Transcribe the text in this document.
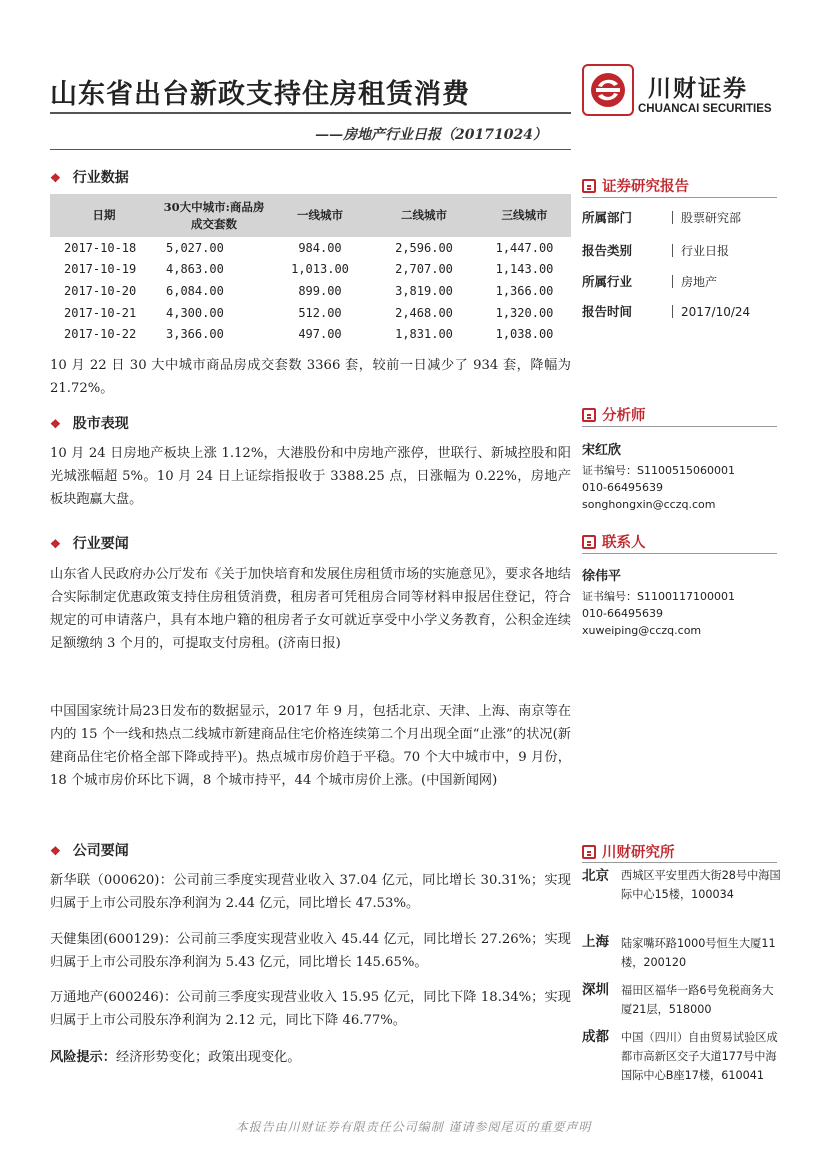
山东省出台新政支持住房租赁消费
——房地产行业日报（20171024）
川财证券
CHUANCAI SECURITIES
❖ 行业数据
日期	30大中城市:商品房成交套数	一线城市	二线城市	三线城市
2017-10-18	5,027.00	984.00	2,596.00	1,447.00
2017-10-19	4,863.00	1,013.00	2,707.00	1,143.00
2017-10-20	6,084.00	899.00	3,819.00	1,366.00
2017-10-21	4,300.00	512.00	2,468.00	1,320.00
2017-10-22	3,366.00	497.00	1,831.00	1,038.00
10 月 22 日 30 大中城市商品房成交套数 3366 套，较前一日减少了 934 套，降幅为 21.72%。
❖ 股市表现
10 月 24 日房地产板块上涨 1.12%，大港股份和中房地产涨停，世联行、新城控股和阳光城涨幅超 5%。10 月 24 日上证综指报收于 3388.25 点，日涨幅为 0.22%，房地产板块跑赢大盘。
❖ 行业要闻
山东省人民政府办公厅发布《关于加快培育和发展住房租赁市场的实施意见》，要求各地结合实际制定优惠政策支持住房租赁消费，租房者可凭租房合同等材料申报居住登记，符合规定的可申请落户，具有本地户籍的租房者子女可就近享受中小学义务教育，公积金连续足额缴纳 3 个月的，可提取支付房租。(济南日报)
中国国家统计局23日发布的数据显示，2017 年 9 月，包括北京、天津、上海、南京等在内的 15 个一线和热点二线城市新建商品住宅价格连续第二个月出现全面“止涨”的状况(新建商品住宅价格全部下降或持平)。热点城市房价趋于平稳。70 个大中城市中，9 月份，18 个城市房价环比下调，8 个城市持平，44 个城市房价上涨。(中国新闻网)
❖ 公司要闻
新华联（000620)：公司前三季度实现营业收入 37.04 亿元，同比增长 30.31%；实现归属于上市公司股东净利润为 2.44 亿元，同比增长 47.53%。
天健集团(600129)：公司前三季度实现营业收入 45.44 亿元，同比增长 27.26%；实现归属于上市公司股东净利润为 5.43 亿元，同比增长 145.65%。
万通地产(600246)：公司前三季度实现营业收入 15.95 亿元，同比下降 18.34%；实现归属于上市公司股东净利润为 2.12 元，同比下降 46.77%。
风险提示：经济形势变化；政策出现变化。
证券研究报告
所属部门	股票研究部
报告类别	行业日报
所属行业	房地产
报告时间	2017/10/24
分析师
宋红欣
证书编号：S1100515060001
010-66495639
songhongxin@cczq.com
联系人
徐伟平
证书编号：S1100117100001
010-66495639
xuweiping@cczq.com
川财研究所
北京 西城区平安里西大街28号中海国际中心15楼，100034
上海 陆家嘴环路1000号恒生大厦11楼，200120
深圳 福田区福华一路6号免税商务大厦21层，518000
成都 中国（四川）自由贸易试验区成都市高新区交子大道177号中海国际中心B座17楼，610041
本报告由川财证券有限责任公司编制 谨请参阅尾页的重要声明
